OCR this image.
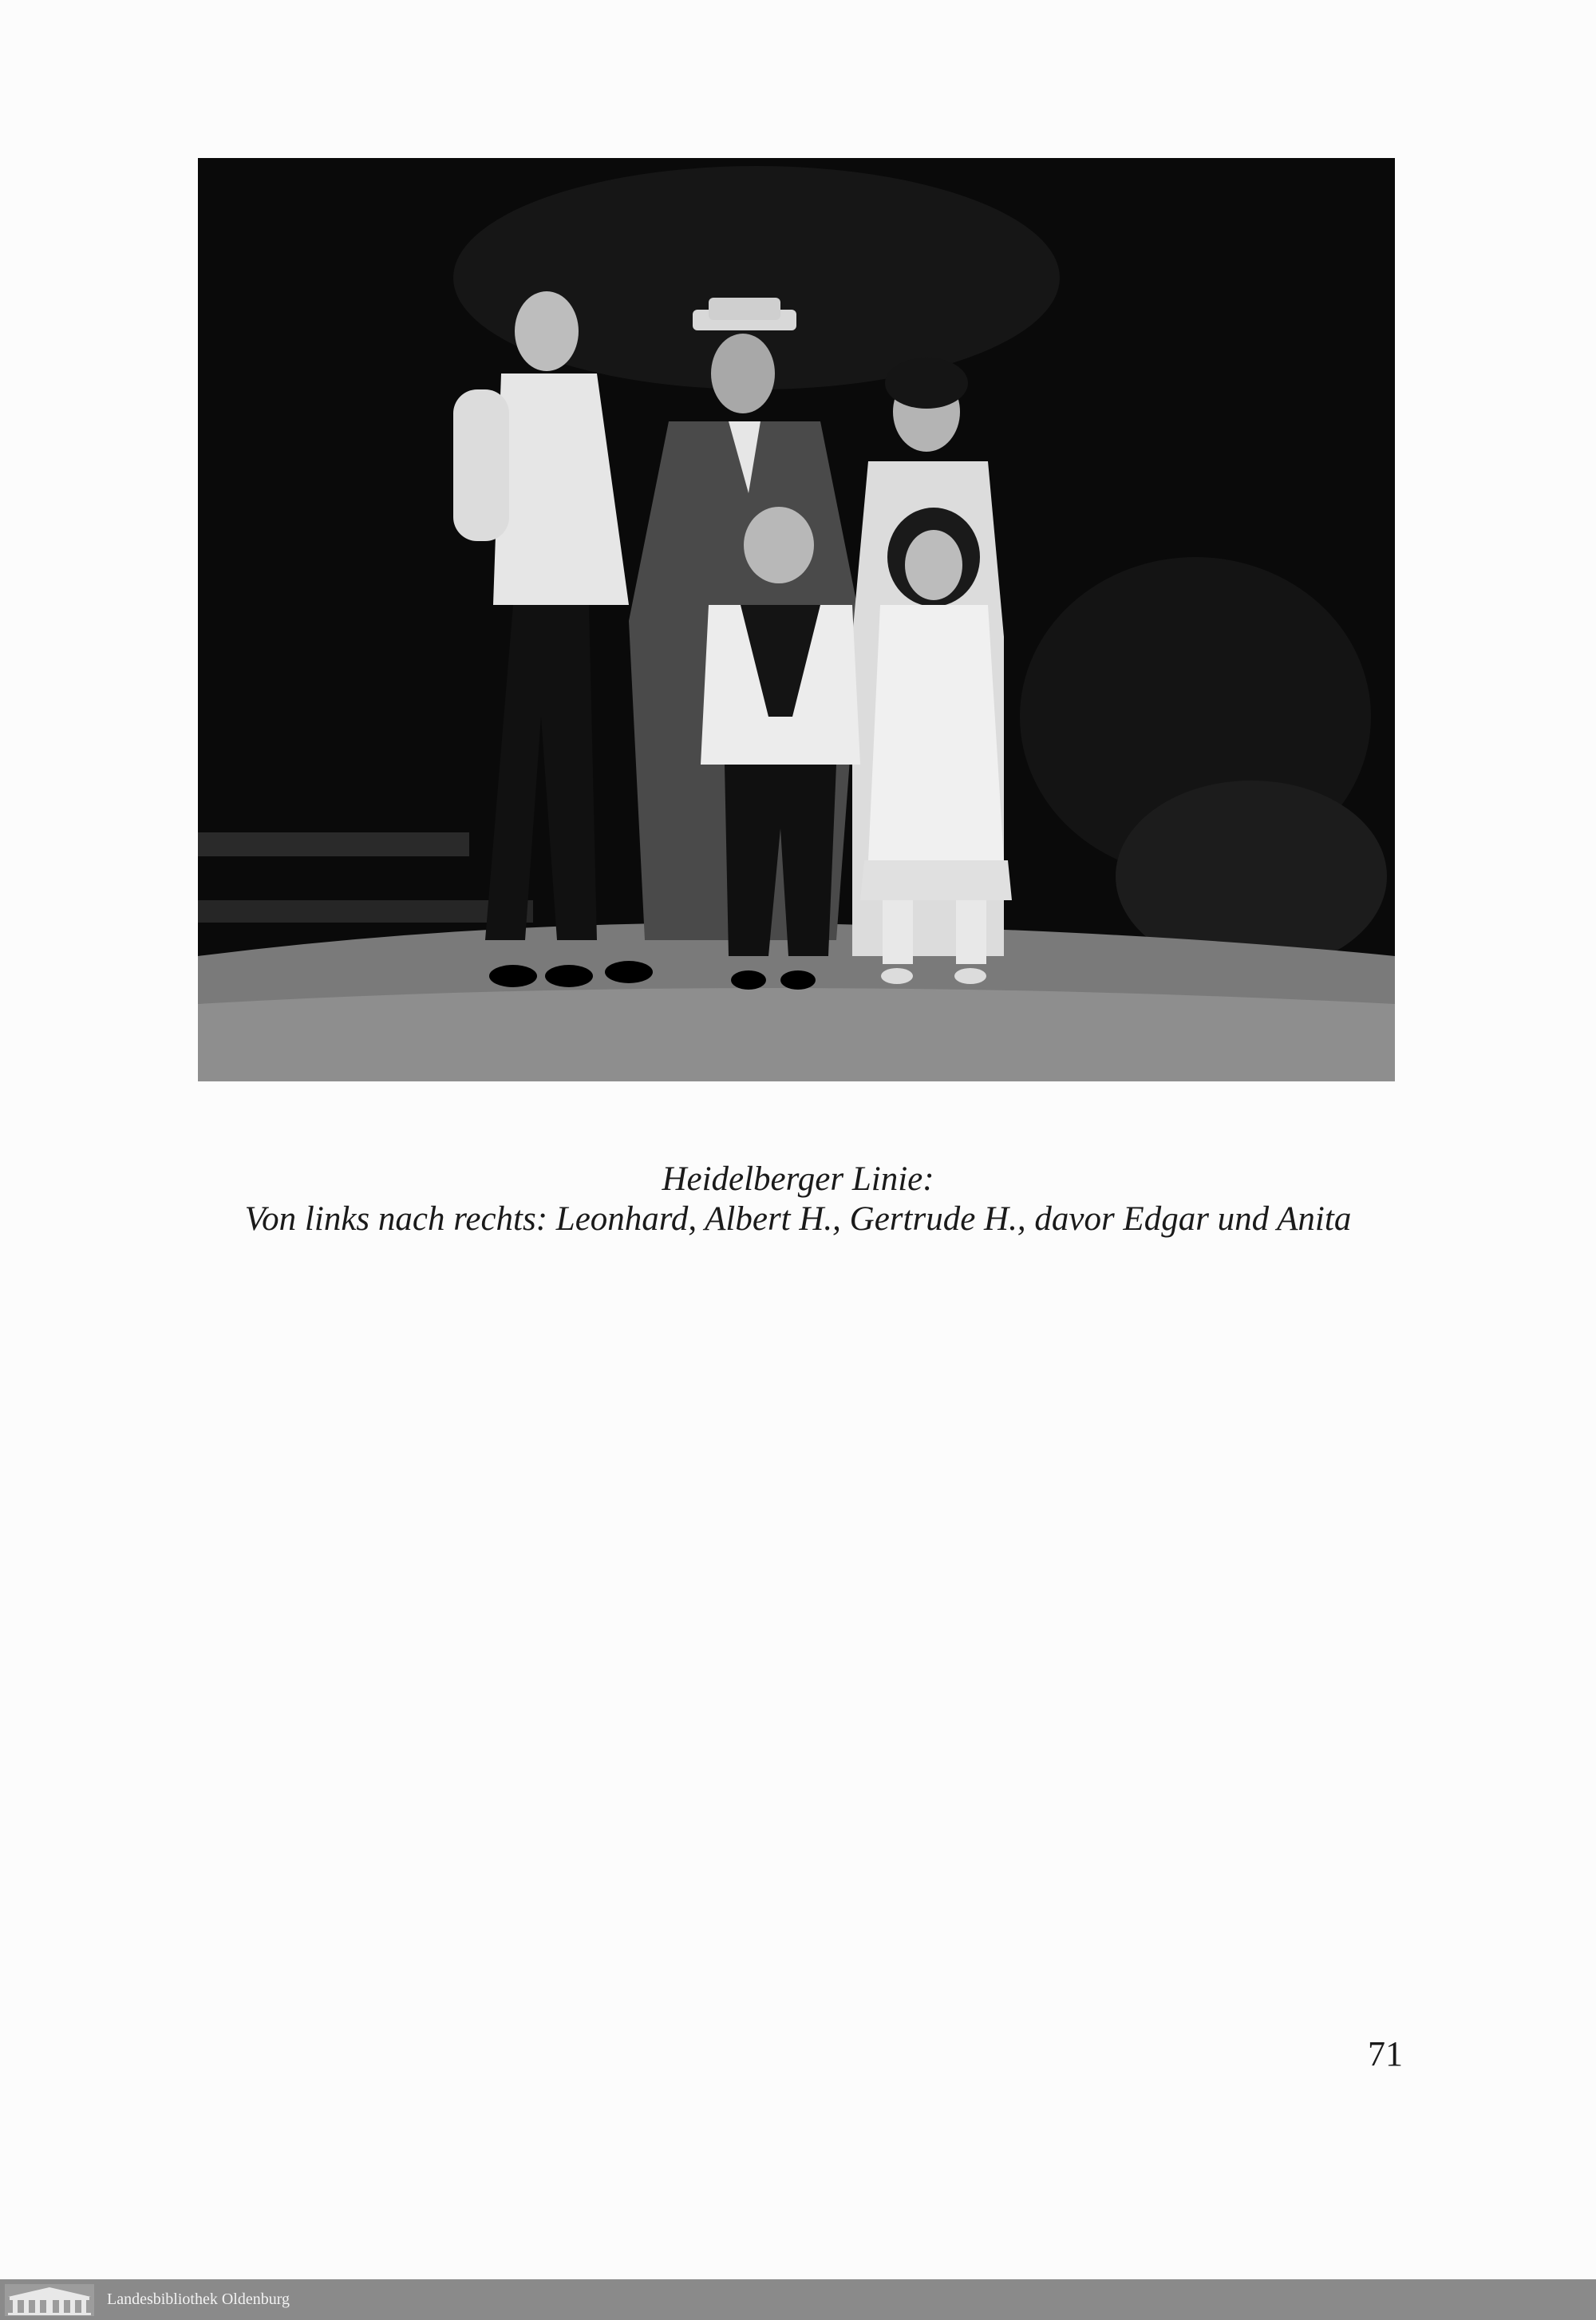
Heidelberger Linie:
Von links nach rechts: Leonhard, Albert H., Gertrude H., davor Edgar und Anita
71
Landesbibliothek Oldenburg
